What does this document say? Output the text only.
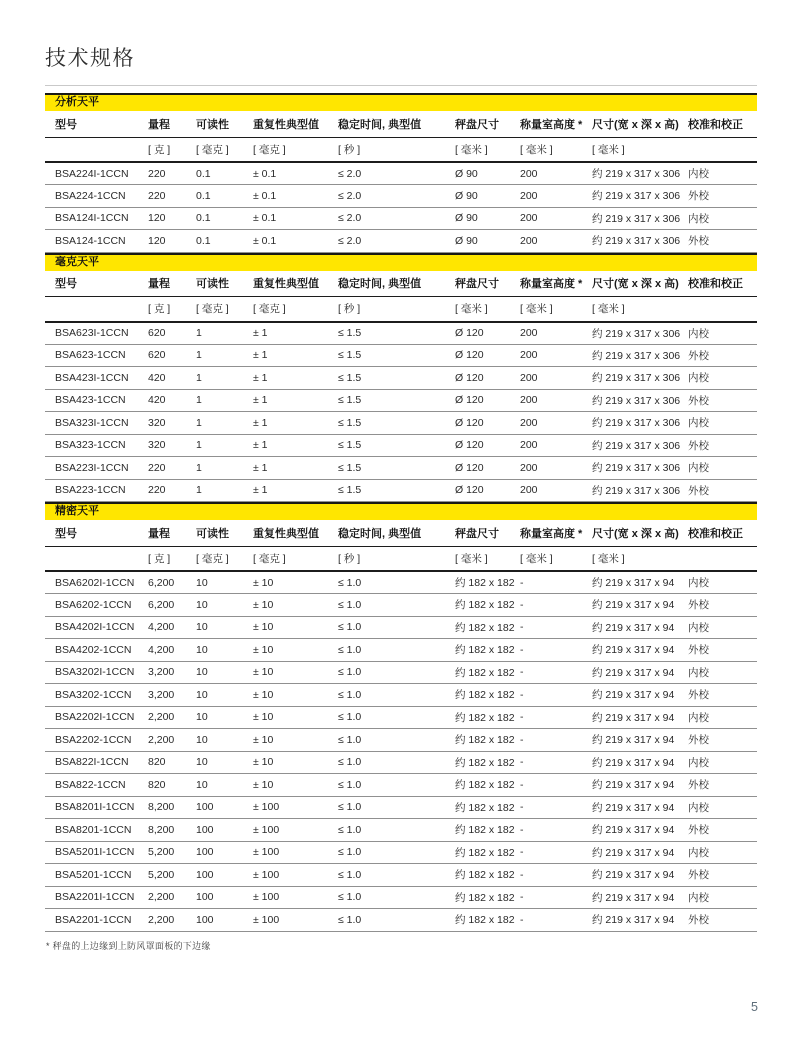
技术规格
分析天平
型号	量程	可读性	重复性典型值	稳定时间, 典型值	秤盘尺寸	称量室高度 *	尺寸(宽 x 深 x 高)	校准和校正
	[ 克 ]	[ 毫克 ]	[ 毫克 ]	[ 秒 ]	[ 毫米 ]	[ 毫米 ]	[ 毫米 ]	
BSA224I-1CCN	220	0.1	± 0.1	≤ 2.0	Ø 90	200	约 219 x 317 x 306	内校
BSA224-1CCN	220	0.1	± 0.1	≤ 2.0	Ø 90	200	约 219 x 317 x 306	外校
BSA124I-1CCN	120	0.1	± 0.1	≤ 2.0	Ø 90	200	约 219 x 317 x 306	内校
BSA124-1CCN	120	0.1	± 0.1	≤ 2.0	Ø 90	200	约 219 x 317 x 306	外校
毫克天平
型号	量程	可读性	重复性典型值	稳定时间, 典型值	秤盘尺寸	称量室高度 *	尺寸(宽 x 深 x 高)	校准和校正
	[ 克 ]	[ 毫克 ]	[ 毫克 ]	[ 秒 ]	[ 毫米 ]	[ 毫米 ]	[ 毫米 ]	
BSA623I-1CCN	620	1	± 1	≤ 1.5	Ø 120	200	约 219 x 317 x 306	内校
BSA623-1CCN	620	1	± 1	≤ 1.5	Ø 120	200	约 219 x 317 x 306	外校
BSA423I-1CCN	420	1	± 1	≤ 1.5	Ø 120	200	约 219 x 317 x 306	内校
BSA423-1CCN	420	1	± 1	≤ 1.5	Ø 120	200	约 219 x 317 x 306	外校
BSA323I-1CCN	320	1	± 1	≤ 1.5	Ø 120	200	约 219 x 317 x 306	内校
BSA323-1CCN	320	1	± 1	≤ 1.5	Ø 120	200	约 219 x 317 x 306	外校
BSA223I-1CCN	220	1	± 1	≤ 1.5	Ø 120	200	约 219 x 317 x 306	内校
BSA223-1CCN	220	1	± 1	≤ 1.5	Ø 120	200	约 219 x 317 x 306	外校
精密天平
型号	量程	可读性	重复性典型值	稳定时间, 典型值	秤盘尺寸	称量室高度 *	尺寸(宽 x 深 x 高)	校准和校正
	[ 克 ]	[ 毫克 ]	[ 毫克 ]	[ 秒 ]	[ 毫米 ]	[ 毫米 ]	[ 毫米 ]	
BSA6202I-1CCN	6,200	10	± 10	≤ 1.0	约 182 x 182	-	约 219 x 317 x 94	内校
BSA6202-1CCN	6,200	10	± 10	≤ 1.0	约 182 x 182	-	约 219 x 317 x 94	外校
BSA4202I-1CCN	4,200	10	± 10	≤ 1.0	约 182 x 182	-	约 219 x 317 x 94	内校
BSA4202-1CCN	4,200	10	± 10	≤ 1.0	约 182 x 182	-	约 219 x 317 x 94	外校
BSA3202I-1CCN	3,200	10	± 10	≤ 1.0	约 182 x 182	-	约 219 x 317 x 94	内校
BSA3202-1CCN	3,200	10	± 10	≤ 1.0	约 182 x 182	-	约 219 x 317 x 94	外校
BSA2202I-1CCN	2,200	10	± 10	≤ 1.0	约 182 x 182	-	约 219 x 317 x 94	内校
BSA2202-1CCN	2,200	10	± 10	≤ 1.0	约 182 x 182	-	约 219 x 317 x 94	外校
BSA822I-1CCN	820	10	± 10	≤ 1.0	约 182 x 182	-	约 219 x 317 x 94	内校
BSA822-1CCN	820	10	± 10	≤ 1.0	约 182 x 182	-	约 219 x 317 x 94	外校
BSA8201I-1CCN	8,200	100	± 100	≤ 1.0	约 182 x 182	-	约 219 x 317 x 94	内校
BSA8201-1CCN	8,200	100	± 100	≤ 1.0	约 182 x 182	-	约 219 x 317 x 94	外校
BSA5201I-1CCN	5,200	100	± 100	≤ 1.0	约 182 x 182	-	约 219 x 317 x 94	内校
BSA5201-1CCN	5,200	100	± 100	≤ 1.0	约 182 x 182	-	约 219 x 317 x 94	外校
BSA2201I-1CCN	2,200	100	± 100	≤ 1.0	约 182 x 182	-	约 219 x 317 x 94	内校
BSA2201-1CCN	2,200	100	± 100	≤ 1.0	约 182 x 182	-	约 219 x 317 x 94	外校
* 秤盘的上边缘到上防风罩面板的下边缘
5
